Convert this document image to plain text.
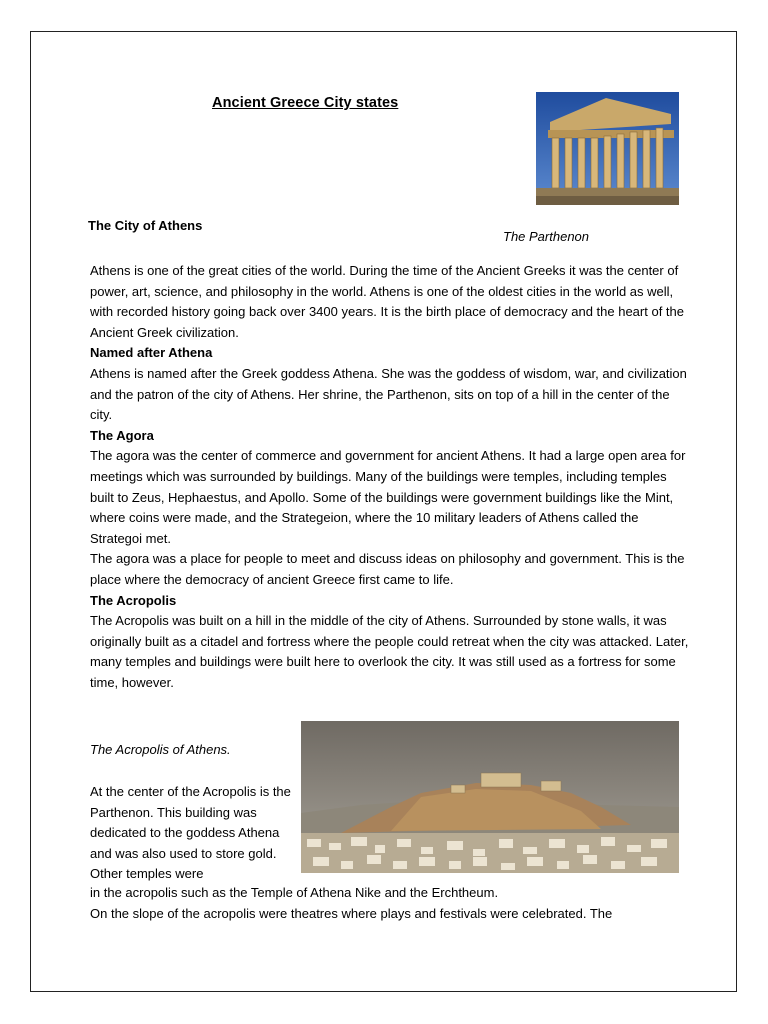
Ancient Greece City states
The City of Athens
The Parthenon

Athens is one of the great cities of the world. During the time of the Ancient Greeks it was the center of power, art, science, and philosophy in the world. Athens is one of the oldest cities in the world as well, with recorded history going back over 3400 years. It is the birth place of democracy and the heart of the Ancient Greek civilization.

Named after Athena

Athens is named after the Greek goddess Athena. She was the goddess of wisdom, war, and civilization and the patron of the city of Athens. Her shrine, the Parthenon, sits on top of a hill in the center of the city.

The Agora

The agora was the center of commerce and government for ancient Athens. It had a large open area for meetings which was surrounded by buildings. Many of the buildings were temples, including temples built to Zeus, Hephaestus, and Apollo. Some of the buildings were government buildings like the Mint, where coins were made, and the Strategeion, where the 10 military leaders of Athens called the Strategoi met.

The agora was a place for people to meet and discuss ideas on philosophy and government. This is the place where the democracy of ancient Greece first came to life.

The Acropolis

The Acropolis was built on a hill in the middle of the city of Athens. Surrounded by stone walls, it was originally built as a citadel and fortress where the people could retreat when the city was attacked. Later, many temples and buildings were built here to overlook the city. It was still used as a fortress for some time, however.

The Acropolis of Athens.

At the center of the Acropolis is the Parthenon. This building was dedicated to the goddess Athena and was also used to store gold. Other temples were

in the acropolis such as the Temple of Athena Nike and the Erchtheum.

On the slope of the acropolis were theatres where plays and festivals were celebrated. The
